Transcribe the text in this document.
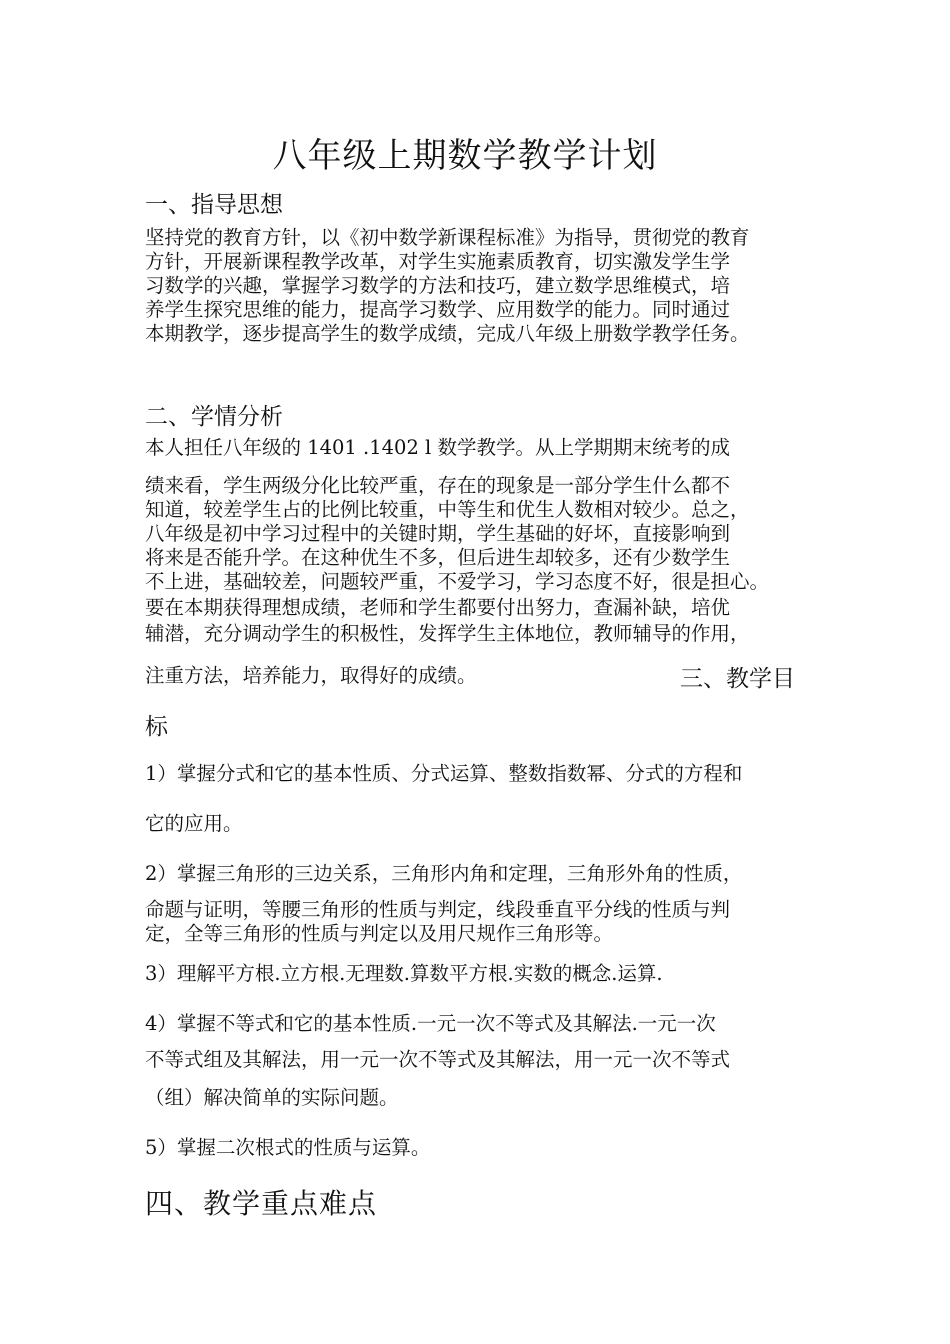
八年级上期数学教学计划
一、指导思想
坚持党的教育方针，以《初中数学新课程标准》为指导，贯彻党的教育
方针，开展新课程教学改革，对学生实施素质教育，切实激发学生学
习数学的兴趣，掌握学习数学的方法和技巧，建立数学思维模式，培
养学生探究思维的能力，提高学习数学、应用数学的能力。同时通过
本期教学，逐步提高学生的数学成绩，完成八年级上册数学教学任务。
二、学情分析
本人担任八年级的 1401 .1402 l 数学教学。从上学期期末统考的成
绩来看，学生两级分化比较严重，存在的现象是一部分学生什么都不
知道，较差学生占的比例比较重，中等生和优生人数相对较少。总之，
八年级是初中学习过程中的关键时期，学生基础的好坏，直接影响到
将来是否能升学。在这种优生不多，但后进生却较多，还有少数学生
不上进，基础较差，问题较严重，不爱学习，学习态度不好，很是担心。
要在本期获得理想成绩，老师和学生都要付出努力，查漏补缺，培优
辅潜，充分调动学生的积极性，发挥学生主体地位，教师辅导的作用，
注重方法，培养能力，取得好的成绩。	三、教学目
标
1）掌握分式和它的基本性质、分式运算、整数指数幂、分式的方程和
它的应用。
2）掌握三角形的三边关系，三角形内角和定理，三角形外角的性质，
命题与证明，等腰三角形的性质与判定，线段垂直平分线的性质与判
定，全等三角形的性质与判定以及用尺规作三角形等。
3）理解平方根.立方根.无理数.算数平方根.实数的概念.运算.
4）掌握不等式和它的基本性质.一元一次不等式及其解法.一元一次
不等式组及其解法，用一元一次不等式及其解法，用一元一次不等式
（组）解决简单的实际问题。
5）掌握二次根式的性质与运算。
四、教学重点难点
